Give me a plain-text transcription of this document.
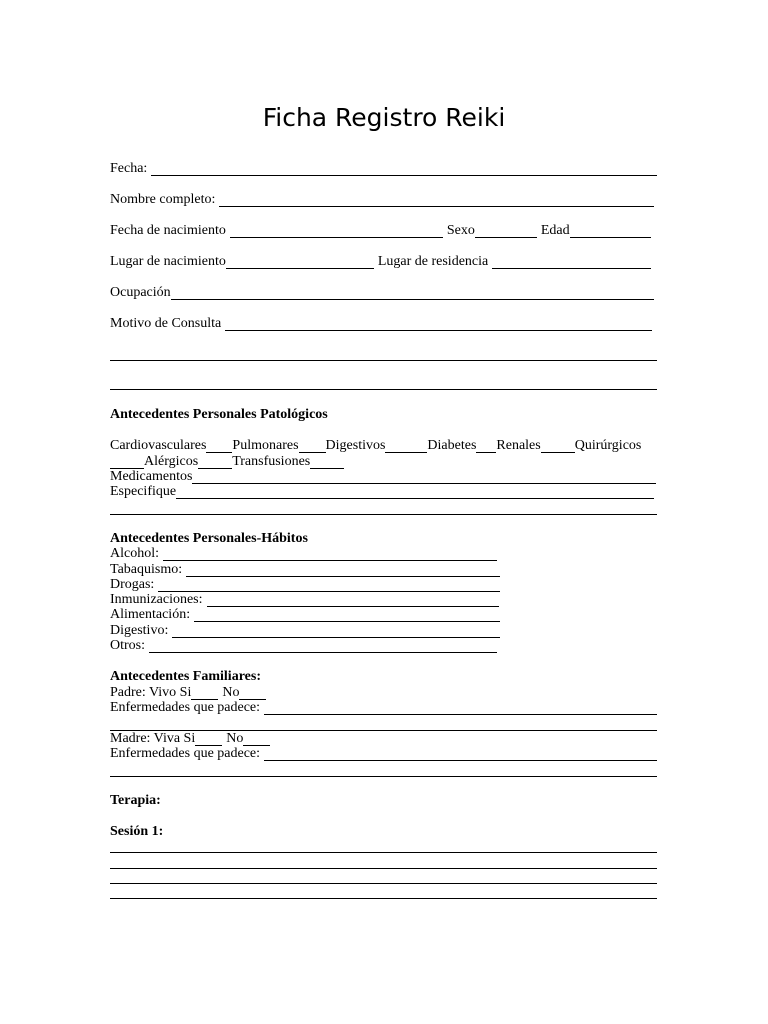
Ficha Registro Reiki
Fecha:
Nombre completo:
Fecha de nacimiento	Sexo	Edad
Lugar de nacimiento	Lugar de residencia
Ocupación
Motivo de Consulta
Antecedentes Personales Patológicos
Cardiovasculares Pulmonares Digestivos	Diabetes Renales Quirúrgicos
Alérgicos Transfusiones
Medicamentos
Especifique
Antecedentes Personales-Hábitos
Alcohol:
Tabaquismo:
Drogas:
Inmunizaciones:
Alimentación:
Digestivo:
Otros:
Antecedentes Familiares:
Padre: Vivo Si No
Enfermedades que padece:
Madre: Viva Si No
Enfermedades que padece:
Terapia:
Sesión 1:
